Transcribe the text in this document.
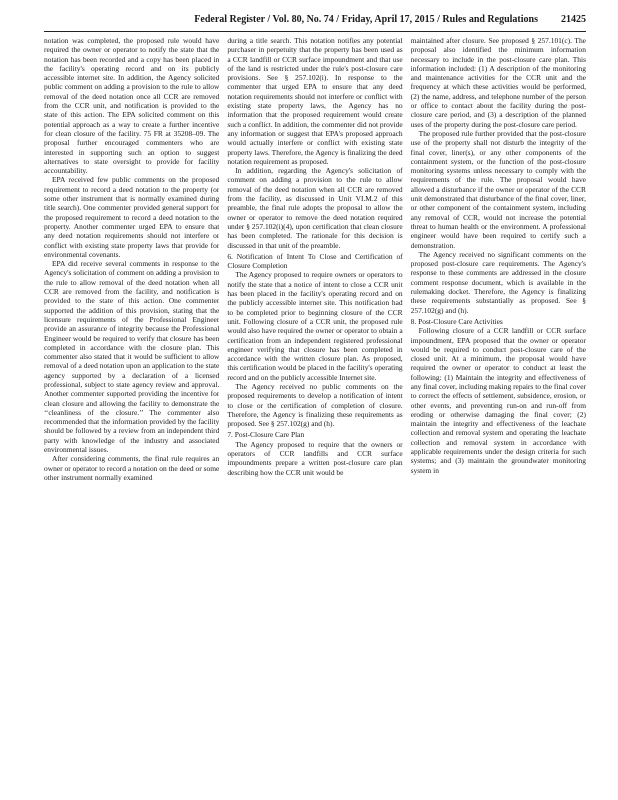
Federal Register / Vol. 80, No. 74 / Friday, April 17, 2015 / Rules and Regulations 21425

notation was completed, the proposed rule would have required the owner or operator to notify the state that the notation has been recorded and a copy has been placed in the facility's operating record and on its publicly accessible internet site. In addition, the Agency solicited public comment on adding a provision to the rule to allow removal of the deed notation once all CCR are removed from the CCR unit, and notification is provided to the state of this action. The EPA solicited comment on this potential approach as a way to create a further incentive for clean closure of the facility. 75 FR at 35208–09. The proposal further encouraged commenters who are interested in supporting such an option to suggest alternatives to state oversight to provide for facility accountability.

EPA received few public comments on the proposed requirement to record a deed notation to the property (or some other instrument that is normally examined during title search). One commenter provided general support for the proposed requirement to record a deed notation to the property. Another commenter urged EPA to ensure that any deed notation requirements should not interfere or conflict with existing state property laws that provide for environmental covenants.

EPA did receive several comments in response to the Agency's solicitation of comment on adding a provision to the rule to allow removal of the deed notation when all CCR are removed from the facility, and notification is provided to the state of this action. One commenter supported the addition of this provision, stating that the licensure requirements of the Professional Engineer provide an assurance of integrity because the Professional Engineer would be required to verify that closure has been completed in accordance with the closure plan. This commenter also stated that it would be sufficient to allow removal of a deed notation upon an application to the state agency supported by a declaration of a licensed professional, subject to state agency review and approval. Another commenter supported providing the incentive for clean closure and allowing the facility to demonstrate the ‘‘cleanliness of the closure.’’ The commenter also recommended that the information provided by the facility should be followed by a review from an independent third party with knowledge of the industry and associated environmental issues.

After considering comments, the final rule requires an owner or operator to record a notation on the deed or some other instrument normally examined

during a title search. This notation notifies any potential purchaser in perpetuity that the property has been used as a CCR landfill or CCR surface impoundment and that use of the land is restricted under the rule's post-closure care provisions. See § 257.102(i). In response to the commenter that urged EPA to ensure that any deed notation requirements should not interfere or conflict with existing state property laws, the Agency has no information that the proposed requirement would create such a conflict. In addition, the commenter did not provide any information or suggest that EPA's proposed approach would actually interfere or conflict with existing state property laws. Therefore, the Agency is finalizing the deed notation requirement as proposed.

In addition, regarding the Agency's solicitation of comment on adding a provision to the rule to allow removal of the deed notation when all CCR are removed from the facility, as discussed in Unit VI.M.2 of this preamble, the final rule adopts the proposal to allow the owner or operator to remove the deed notation required under § 257.102(i)(4), upon certification that clean closure has been completed. The rationale for this decision is discussed in that unit of the preamble.

6. Notification of Intent To Close and Certification of Closure Completion

The Agency proposed to require owners or operators to notify the state that a notice of intent to close a CCR unit has been placed in the facility's operating record and on the publicly accessible internet site. This notification had to be completed prior to beginning closure of the CCR unit. Following closure of a CCR unit, the proposed rule would also have required the owner or operator to obtain a certification from an independent registered professional engineer verifying that closure has been completed in accordance with the written closure plan. As proposed, this certification would be placed in the facility's operating record and on the publicly accessible Internet site.

The Agency received no public comments on the proposed requirements to develop a notification of intent to close or the certification of completion of closure. Therefore, the Agency is finalizing these requirements as proposed. See § 257.102(g) and (h).

7. Post-Closure Care Plan

The Agency proposed to require that the owners or operators of CCR landfills and CCR surface impoundments prepare a written post-closure care plan describing how the CCR unit would be

maintained after closure. See proposed § 257.101(c). The proposal also identified the minimum information necessary to include in the post-closure care plan. This information included: (1) A description of the monitoring and maintenance activities for the CCR unit and the frequency at which these activities would be performed, (2) the name, address, and telephone number of the person or office to contact about the facility during the post-closure care period, and (3) a description of the planned uses of the property during the post-closure care period.

The proposed rule further provided that the post-closure use of the property shall not disturb the integrity of the final cover, liner(s), or any other components of the containment system, or the function of the post-closure monitoring systems unless necessary to comply with the requirements of the rule. The proposal would have allowed a disturbance if the owner or operator of the CCR unit demonstrated that disturbance of the final cover, liner, or other component of the containment system, including any removal of CCR, would not increase the potential threat to human health or the environment. A professional engineer would have been required to certify such a demonstration.

The Agency received no significant comments on the proposed post-closure care requirements. The Agency's response to these comments are addressed in the closure comment response document, which is available in the rulemaking docket. Therefore, the Agency is finalizing these requirements substantially as proposed. See § 257.102(g) and (h).

8. Post-Closure Care Activities

Following closure of a CCR landfill or CCR surface impoundment, EPA proposed that the owner or operator would be required to conduct post-closure care of the closed unit. At a minimum, the proposal would have required the owner or operator to conduct at least the following: (1) Maintain the integrity and effectiveness of any final cover, including making repairs to the final cover to correct the effects of settlement, subsidence, erosion, or other events, and preventing run-on and run-off from eroding or otherwise damaging the final cover; (2) maintain the integrity and effectiveness of the leachate collection and removal system and operating the leachate collection and removal system in accordance with applicable requirements under the design criteria for such systems; and (3) maintain the groundwater monitoring system in
